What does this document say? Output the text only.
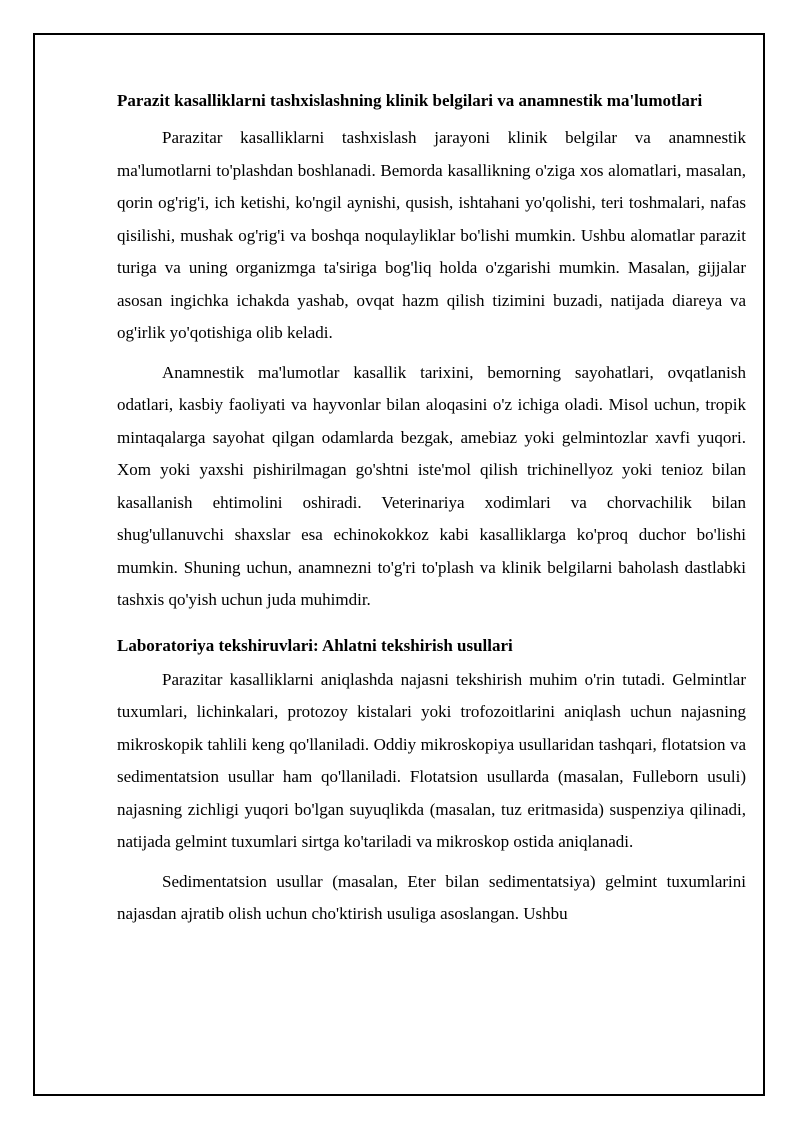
Parazit kasalliklarni tashxislashning klinik belgilari va anamnestik ma'lumotlari

Parazitar kasalliklarni tashxislash jarayoni klinik belgilar va anamnestik ma'lumotlarni to'plashdan boshlanadi. Bemorda kasallikning o'ziga xos alomatlari, masalan, qorin og'rig'i, ich ketishi, ko'ngil aynishi, qusish, ishtahani yo'qolishi, teri toshmalari, nafas qisilishi, mushak og'rig'i va boshqa noqulayliklar bo'lishi mumkin. Ushbu alomatlar parazit turiga va uning organizmga ta'siriga bog'liq holda o'zgarishi mumkin. Masalan, gijjalar asosan ingichka ichakda yashab, ovqat hazm qilish tizimini buzadi, natijada diareya va og'irlik yo'qotishiga olib keladi.

Anamnestik ma'lumotlar kasallik tarixini, bemorning sayohatlari, ovqatlanish odatlari, kasbiy faoliyati va hayvonlar bilan aloqasini o'z ichiga oladi. Misol uchun, tropik mintaqalarga sayohat qilgan odamlarda bezgak, amebiaz yoki gelmintozlar xavfi yuqori. Xom yoki yaxshi pishirilmagan go'shtni iste'mol qilish trichinellyoz yoki tenioz bilan kasallanish ehtimolini oshiradi. Veterinariya xodimlari va chorvachilik bilan shug'ullanuvchi shaxslar esa echinokokkoz kabi kasalliklarga ko'proq duchor bo'lishi mumkin. Shuning uchun, anamnezni to'g'ri to'plash va klinik belgilarni baholash dastlabki tashxis qo'yish uchun juda muhimdir.

Laboratoriya tekshiruvlari: Ahlatni tekshirish usullari

Parazitar kasalliklarni aniqlashda najasni tekshirish muhim o'rin tutadi. Gelmintlar tuxumlari, lichinkalari, protozoy kistalari yoki trofozoitlarini aniqlash uchun najasning mikroskopik tahlili keng qo'llaniladi. Oddiy mikroskopiya usullaridan tashqari, flotatsion va sedimentatsion usullar ham qo'llaniladi. Flotatsion usullarda (masalan, Fulleborn usuli) najasning zichligi yuqori bo'lgan suyuqlikda (masalan, tuz eritmasida) suspenziya qilinadi, natijada gelmint tuxumlari sirtga ko'tariladi va mikroskop ostida aniqlanadi.

Sedimentatsion usullar (masalan, Eter bilan sedimentatsiya) gelmint tuxumlarini najasdan ajratib olish uchun cho'ktirish usuliga asoslangan. Ushbu
